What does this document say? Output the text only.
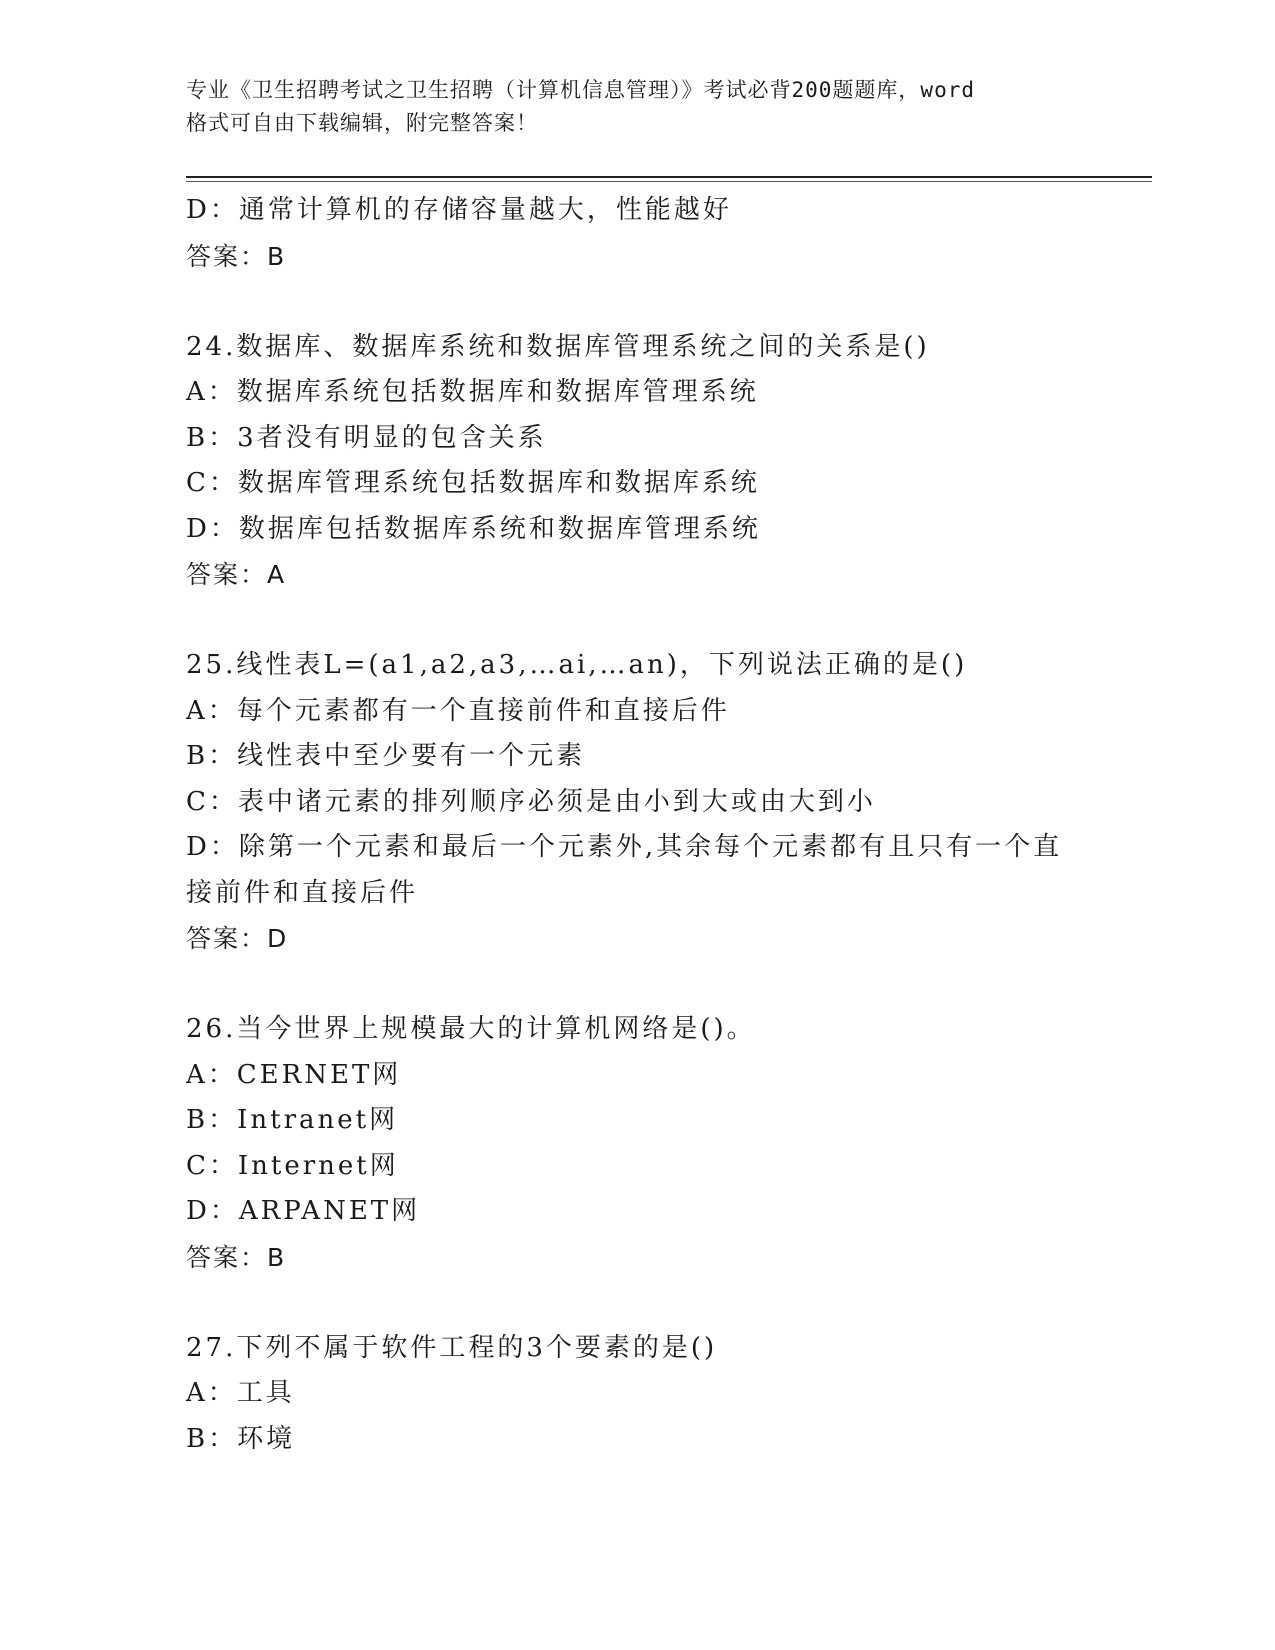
专业《卫生招聘考试之卫生招聘（计算机信息管理）》考试必背200题题库，word
格式可自由下载编辑，附完整答案！
D：通常计算机的存储容量越大，性能越好
答案：B
24.数据库、数据库系统和数据库管理系统之间的关系是()
A：数据库系统包括数据库和数据库管理系统
B：3者没有明显的包含关系
C：数据库管理系统包括数据库和数据库系统
D：数据库包括数据库系统和数据库管理系统
答案：A
25.线性表L=(a1,a2,a3,…ai,…an)，下列说法正确的是()
A：每个元素都有一个直接前件和直接后件
B：线性表中至少要有一个元素
C：表中诸元素的排列顺序必须是由小到大或由大到小
D：除第一个元素和最后一个元素外,其余每个元素都有且只有一个直
接前件和直接后件
答案：D
26.当今世界上规模最大的计算机网络是()。
A：CERNET网
B：Intranet网
C：Internet网
D：ARPANET网
答案：B
27.下列不属于软件工程的3个要素的是()
A：工具
B：环境
